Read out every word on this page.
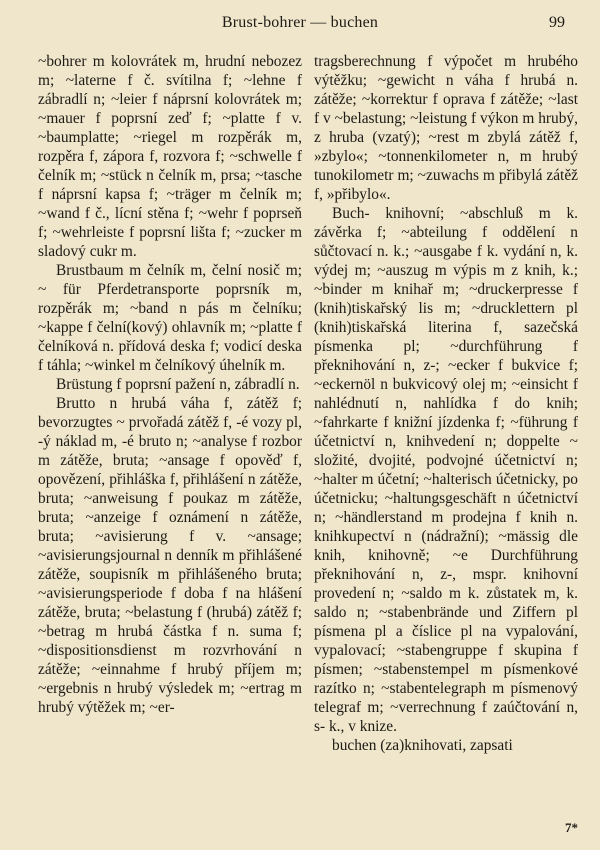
Brust-bohrer — buchen	99

~bohrer m kolovrátek m, hrudní nebozez m; ~laterne f č. svítilna f; ~lehne f zábradlí n; ~leier f náprsní kolovrátek m; ~mauer f poprsní zeď f; ~platte f v. ~baumplatte; ~riegel m rozpěrák m, rozpěra f, zápora f, rozvora f; ~schwelle f čelník m; ~stück n čelník m, prsa; ~tasche f náprsní kapsa f; ~träger m čelník m; ~wand f č., lícní stěna f; ~wehr f poprseň f; ~wehrleiste f poprsní lišta f; ~zucker m sladový cukr m.

Brustbaum m čelník m, čelní nosič m; ~ für Pferdetransporte poprsník m, rozpěrák m; ~band n pás m čelníku; ~kappe f čelní(kový) ohlavník m; ~platte f čelníková n. přídová deska f; vodicí deska f táhla; ~winkel m čelníkový úhelník m.

Brüstung f poprsní pažení n, zábradlí n.

Brutto n hrubá váha f, zátěž f; bevorzugtes ~ prvořadá zátěž f, -é vozy pl, -ý náklad m, -é bruto n; ~analyse f rozbor m zátěže, bruta; ~ansage f opověď f, opovězení, přihláška f, přihlášení n zátěže, bruta; ~anweisung f poukaz m zátěže, bruta; ~anzeige f oznámení n zátěže, bruta; ~avisierung f v. ~ansage; ~avisierungsjournal n denník m přihlášené zátěže, soupisník m přihlášeného bruta; ~avisierungsperiode f doba f na hlášení zátěže, bruta; ~belastung f (hrubá) zátěž f; ~betrag m hrubá částka f n. suma f; ~dispositionsdienst m rozvrhování n zátěže; ~einnahme f hrubý příjem m; ~ergebnis n hrubý výsledek m; ~ertrag m hrubý výtěžek m; ~er-

tragsberechnung f výpočet m hrubého výtěžku; ~gewicht n váha f hrubá n. zátěže; ~korrektur f oprava f zátěže; ~last f v ~belastung; ~leistung f výkon m hrubý, z hruba (vzatý); ~rest m zbylá zátěž f, »zbylo«; ~tonnenkilometer n, m hrubý tunokilometr m; ~zuwachs m přibylá zátěž f, »přibylo«.

Buch- knihovní; ~abschluß m k. závěrka f; ~abteilung f oddělení n sůčtovací n. k.; ~ausgabe f k. vydání n, k. výdej m; ~auszug m výpis m z knih, k.; ~binder m knihař m; ~druckerpresse f (knih)tiskařský lis m; ~drucklettern pl (knih)tiskařská literina f, sazečská písmenka pl; ~durchführung f překnihování n, z-; ~ecker f bukvice f; ~eckernöl n bukvicový olej m; ~einsicht f nahlédnutí n, nahlídka f do knih; ~fahrkarte f knižní jízdenka f; ~führung f účetnictví n, knihvedení n; doppelte ~ složité, dvojité, podvojné účetnictví n; ~halter m účetní; ~halterisch účetnicky, po účetnicku; ~haltungsgeschäft n účetnictví n; ~händlerstand m prodejna f knih n. knihkupectví n (nádražní); ~mässig dle knih, knihovně; ~e Durchführung překnihování n, z-, mspr. knihovní provedení n; ~saldo m k. zůstatek m, k. saldo n; ~stabenbrände und Ziffern pl písmena pl a číslice pl na vypalování, vypalovací; ~stabengruppe f skupina f písmen; ~stabenstempel m písmenkové razítko n; ~stabentelegraph m písmenový telegraf m; ~verrechnung f zaúčtování n, s- k., v knize.

buchen (za)knihovati, zapsati

7*
